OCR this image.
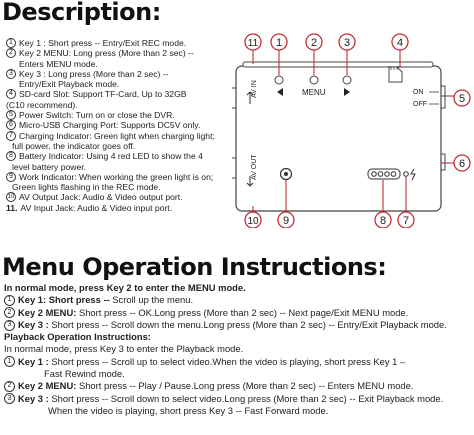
Description:
1 Key 1 : Short press -- Entry/Exit REC mode.
2 Key 2 MENU: Long press (More than 2 sec) --
Enters MENU mode.
3 Key 3 : Long press (More than 2 sec) --
Entry/Exit Playback mode.
4 SD-card Slot: Support TF-Card, Up to 32GB
(C10 recommend).
5 Power Switch: Turn on or close the DVR.
6 Micro-USB Charging Port: Supports DC5V only.
7 Charging Indicator: Green light when charging light;
full power, the indicator goes off.
8 Battery Indicator: Using 4 red LED to show the 4
level battery power.
9 Work Indicator: When working the green light is on;
Green lights flashing in the REC mode.
10 AV Output Jack: Audio & Video output port.
11. AV Input Jack: Audio & Video input port.
AV IN
AV OUT
MENU	ON
OFF
11 1	2 3	4
5
6
10 9	8 7
Menu Operation Instructions:
In normal mode, press Key 2 to enter the MENU mode.
1 Key 1: Short press -- Scroll up the menu.
2 Key 2 MENU: Short press -- OK.Long press (More than 2 sec) -- Next page/Exit MENU mode.
3 Key 3 : Short press -- Scroll down the menu.Long press (More than 2 sec) -- Entry/Exit Playback mode.
Playback Operation Instructions:
In normal mode, press Key 3 to enter the Playback mode.
1 Key 1 : Short press -- Scroll up to select video.When the video is playing, short press Key 1 –
Fast Rewind mode.
2 Key 2 MENU: Short press -- Play / Pause.Long press (More than 2 sec) -- Enters MENU mode.
3 Key 3 : Short press -- Scroll down to select video.Long press (More than 2 sec) -- Exit Playback mode.
When the video is playing, short press Key 3 -- Fast Forward mode.
